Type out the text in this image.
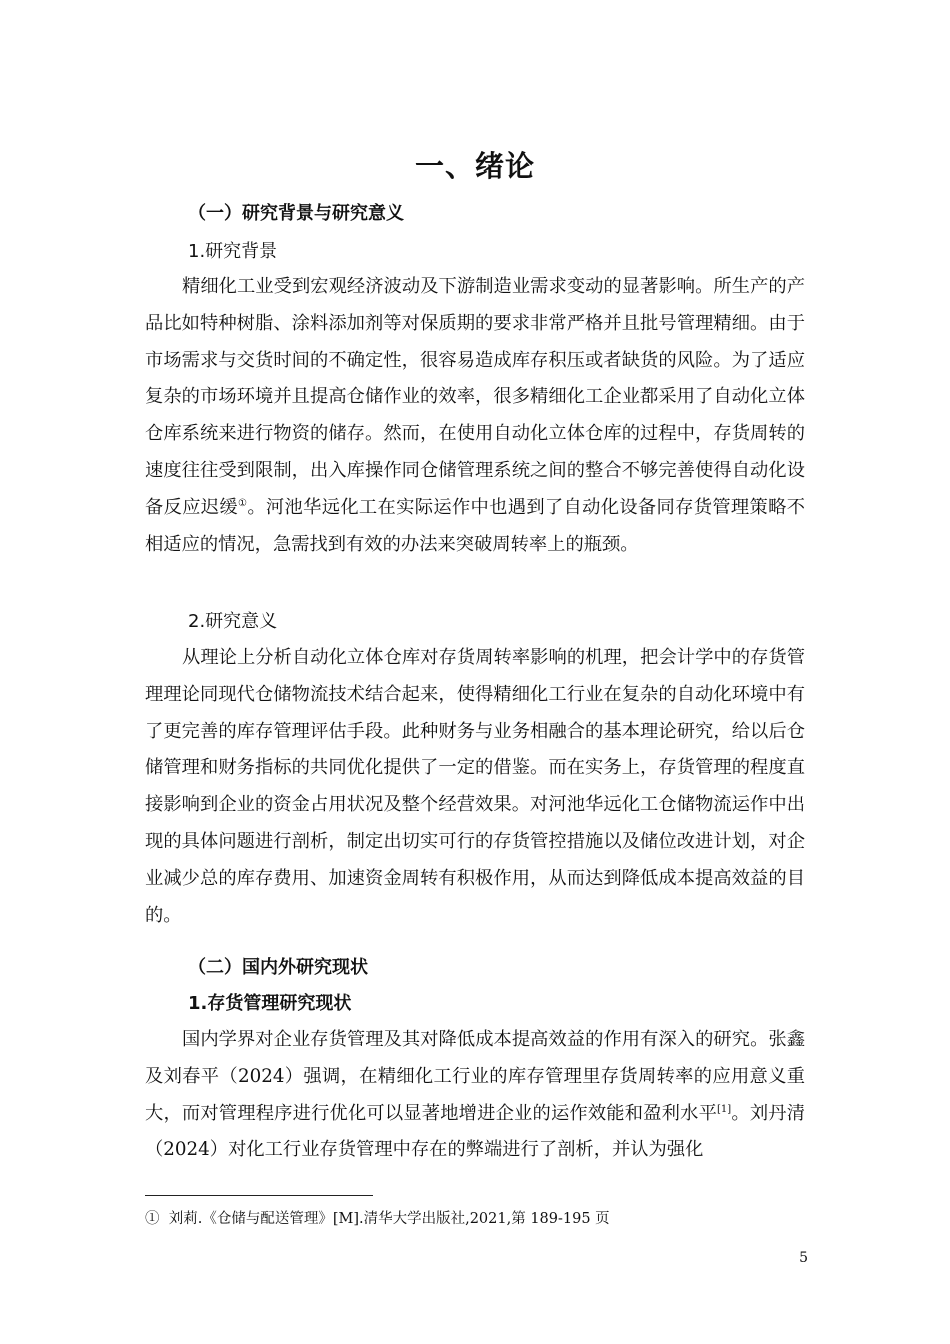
一、绪论
（一）研究背景与研究意义
1.研究背景

精细化工业受到宏观经济波动及下游制造业需求变动的显著影响。所生产的产品比如特种树脂、涂料添加剂等对保质期的要求非常严格并且批号管理精细。由于市场需求与交货时间的不确定性，很容易造成库存积压或者缺货的风险。为了适应复杂的市场环境并且提高仓储作业的效率，很多精细化工企业都采用了自动化立体仓库系统来进行物资的储存。然而，在使用自动化立体仓库的过程中，存货周转的速度往往受到限制，出入库操作同仓储管理系统之间的整合不够完善使得自动化设备反应迟缓①。河池华远化工在实际运作中也遇到了自动化设备同存货管理策略不相适应的情况，急需找到有效的办法来突破周转率上的瓶颈。

2.研究意义

从理论上分析自动化立体仓库对存货周转率影响的机理，把会计学中的存货管理理论同现代仓储物流技术结合起来，使得精细化工行业在复杂的自动化环境中有了更完善的库存管理评估手段。此种财务与业务相融合的基本理论研究，给以后仓储管理和财务指标的共同优化提供了一定的借鉴。而在实务上，存货管理的程度直接影响到企业的资金占用状况及整个经营效果。对河池华远化工仓储物流运作中出现的具体问题进行剖析，制定出切实可行的存货管控措施以及储位改进计划，对企业减少总的库存费用、加速资金周转有积极作用，从而达到降低成本提高效益的目的。

（二）国内外研究现状
1.存货管理研究现状

国内学界对企业存货管理及其对降低成本提高效益的作用有深入的研究。张鑫及刘春平（2024）强调，在精细化工行业的库存管理里存货周转率的应用意义重大，而对管理程序进行优化可以显著地增进企业的运作效能和盈利水平[1]。刘丹清（2024）对化工行业存货管理中存在的弊端进行了剖析，并认为强化

① 刘莉.《仓储与配送管理》[M].清华大学出版社,2021,第 189-195 页
5
